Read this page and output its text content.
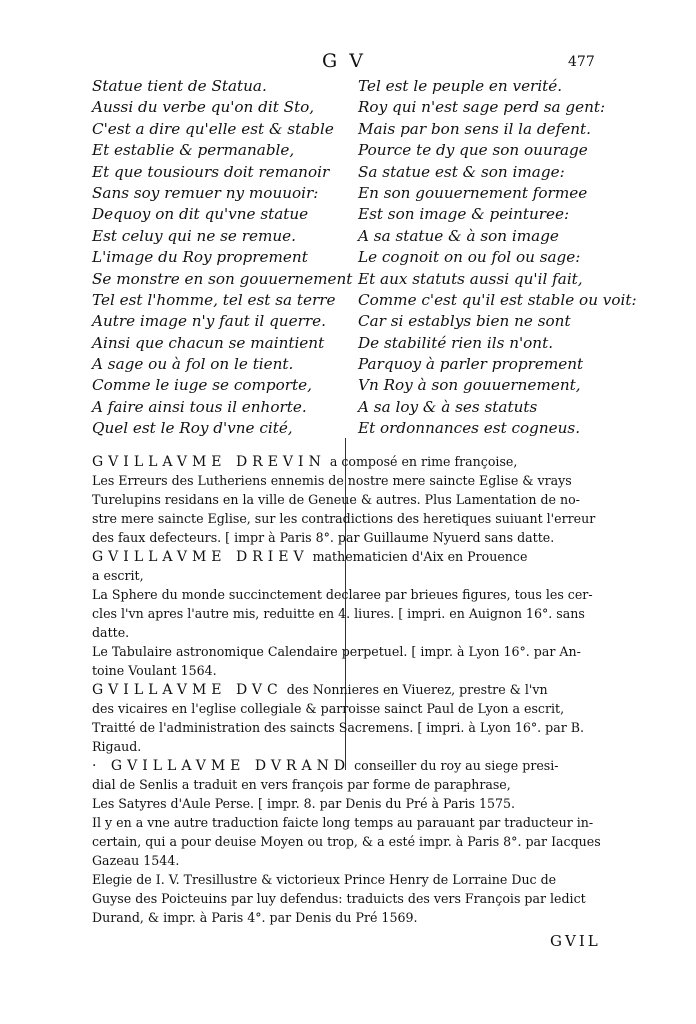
G V	477
Statue tient de Statua.
Aussi du verbe qu'on dit Sto,
C'est a dire qu'elle est & stable
Et establie & permanable,
Et que tousiours doit remanoir
Sans soy remuer ny mouuoir:
Dequoy on dit qu'vne statue
Est celuy qui ne se remue.
L'image du Roy proprement
Se monstre en son gouuernement
Tel est l'homme, tel est sa terre
Autre image n'y faut il querre.
Ainsi que chacun se maintient
A sage ou à fol on le tient.
Comme le iuge se comporte,
A faire ainsi tous il enhorte.
Quel est le Roy d'vne cité,
Tel est le peuple en verité.
Roy qui n'est sage perd sa gent:
Mais par bon sens il la defent.
Pource te dy que son ouurage
Sa statue est & son image:
En son gouuernement formee
Est son image & peinturee:
A sa statue & à son image
Le cognoit on ou fol ou sage:
Et aux statuts aussi qu'il fait,
Comme c'est qu'il est stable ou voit:
Car si establys bien ne sont
De stabilité rien ils n'ont.
Parquoy à parler proprement
Vn Roy à son gouuernement,
A sa loy & à ses statuts
Et ordonnances est cogneus.
GVILLAVME DREVIN a composé en rime françoise,
Les Erreurs des Lutheriens ennemis de nostre mere saincte Eglise & vrays
Turelupins residans en la ville de Geneue & autres. Plus Lamentation de no-
stre mere saincte Eglise, sur les contradictions des heretiques suiuant l'erreur
des faux defecteurs. [ impr à Paris 8°. par Guillaume Nyuerd sans datte.
GVILLAVME DRIEV mathematicien d'Aix en Prouence
a escrit,
La Sphere du monde succinctement declaree par brieues figures, tous les cer-
cles l'vn apres l'autre mis, reduitte en 4. liures. [ impri. en Auignon 16°. sans
datte.
Le Tabulaire astronomique Calendaire perpetuel. [ impr. à Lyon 16°. par An-
toine Voulant 1564.
GVILLAVME DVC des Nonnieres en Viuerez, prestre & l'vn
des vicaires en l'eglise collegiale & parroisse sainct Paul de Lyon a escrit,
Traitté de l'administration des saincts Sacremens. [ impri. à Lyon 16°. par B.
Rigaud.
· GVILLAVME DVRAND conseiller du roy au siege presi-
dial de Senlis a traduit en vers françois par forme de paraphrase,
Les Satyres d'Aule Perse. [ impr. 8. par Denis du Pré à Paris 1575.
Il y en a vne autre traduction faicte long temps au parauant par traducteur in-
certain, qui a pour deuise Moyen ou trop, & a esté impr. à Paris 8°. par Iacques
Gazeau 1544.
Elegie de I. V. Tresillustre & victorieux Prince Henry de Lorraine Duc de
Guyse des Poicteuins par luy defendus: traduicts des vers François par ledict
Durand, & impr. à Paris 4°. par Denis du Pré 1569.
GVIL
